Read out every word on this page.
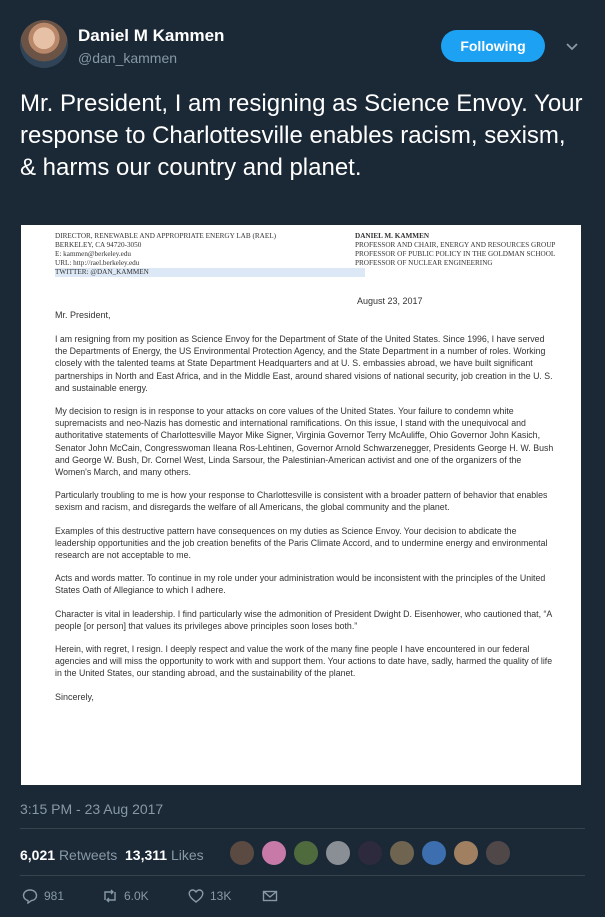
Daniel M Kammen
@dan_kammen
Following
Mr. President, I am resigning as Science Envoy. Your response to Charlottesville enables racism, sexism, & harms our country and planet.
DIRECTOR, RENEWABLE AND APPROPRIATE ENERGY LAB (RAEL)
BERKELEY, CA 94720-3050
E: kammen@berkeley.edu
URL: http://rael.berkeley.edu
TWITTER: @DAN_KAMMEN
DANIEL M. KAMMEN
PROFESSOR AND CHAIR, ENERGY AND RESOURCES GROUP
PROFESSOR OF PUBLIC POLICY IN THE GOLDMAN SCHOOL
PROFESSOR OF NUCLEAR ENGINEERING
August 23, 2017
Mr. President,

I am resigning from my position as Science Envoy for the Department of State of the United States. Since 1996, I have served the Departments of Energy, the US Environmental Protection Agency, and the State Department in a number of roles. Working closely with the talented teams at State Department Headquarters and at U. S. embassies abroad, we have built significant partnerships in North and East Africa, and in the Middle East, around shared visions of national security, job creation in the U. S. and sustainable energy.

My decision to resign is in response to your attacks on core values of the United States. Your failure to condemn white supremacists and neo-Nazis has domestic and international ramifications. On this issue, I stand with the unequivocal and authoritative statements of Charlottesville Mayor Mike Signer, Virginia Governor Terry McAuliffe, Ohio Governor John Kasich, Senator John McCain, Congresswoman Ileana Ros-Lehtinen, Governor Arnold Schwarzenegger, Presidents George H. W. Bush and George W. Bush, Dr. Cornel West, Linda Sarsour, the Palestinian-American activist and one of the organizers of the Women's March, and many others.

Particularly troubling to me is how your response to Charlottesville is consistent with a broader pattern of behavior that enables sexism and racism, and disregards the welfare of all Americans, the global community and the planet.

Examples of this destructive pattern have consequences on my duties as Science Envoy. Your decision to abdicate the leadership opportunities and the job creation benefits of the Paris Climate Accord, and to undermine energy and environmental research are not acceptable to me.

Acts and words matter. To continue in my role under your administration would be inconsistent with the principles of the United States Oath of Allegiance to which I adhere.

Character is vital in leadership. I find particularly wise the admonition of President Dwight D. Eisenhower, who cautioned that, “A people [or person] that values its privileges above principles soon loses both.”

Herein, with regret, I resign. I deeply respect and value the work of the many fine people I have encountered in our federal agencies and will miss the opportunity to work with and support them. Your actions to date have, sadly, harmed the quality of life in the United States, our standing abroad, and the sustainability of the planet.

Sincerely,
3:15 PM - 23 Aug 2017
6,021 Retweets 13,311 Likes
981	6.0K	13K
